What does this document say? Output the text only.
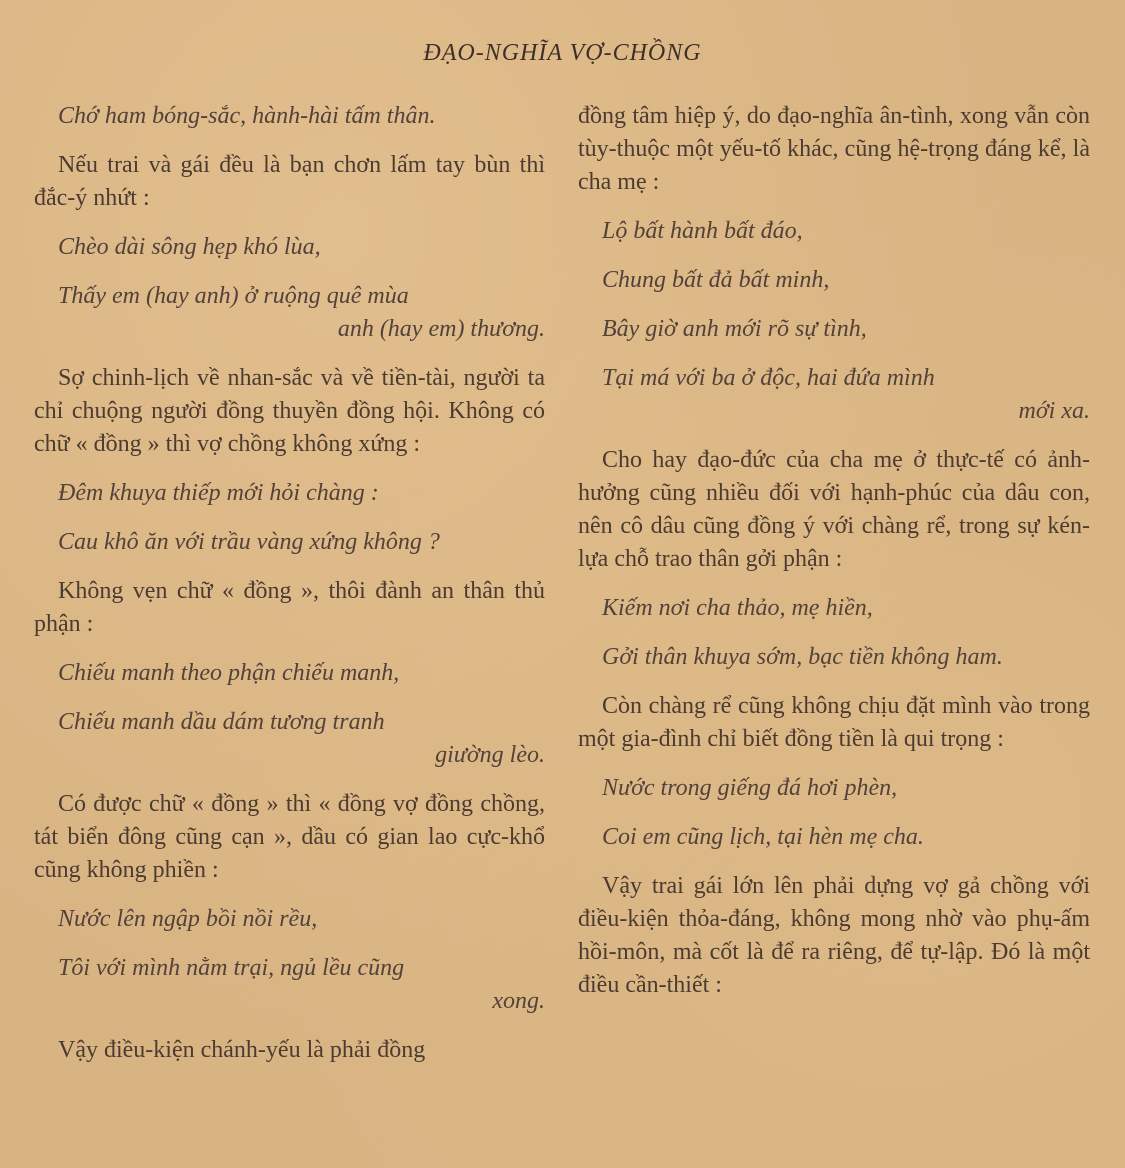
ĐẠO-NGHĨA VỢ-CHỒNG

Chớ ham bóng-sắc, hành-hài tấm thân.

Nếu trai và gái đều là bạn chơn lấm tay bùn thì đắc-ý nhứt :

Chèo dài sông hẹp khó lùa,

Thấy em (hay anh) ở ruộng quê mùa
anh (hay em) thương.

Sợ chinh-lịch về nhan-sắc và về tiền-tài, người ta chỉ chuộng người đồng thuyền đồng hội. Không có chữ « đồng » thì vợ chồng không xứng :

Đêm khuya thiếp mới hỏi chàng :

Cau khô ăn với trầu vàng xứng không ?

Không vẹn chữ « đồng », thôi đành an thân thủ phận :

Chiếu manh theo phận chiếu manh,

Chiếu manh dầu dám tương tranh
giường lèo.

Có được chữ « đồng » thì « đồng vợ đồng chồng, tát biển đông cũng cạn », dầu có gian lao cực-khổ cũng không phiền :

Nước lên ngập bồi nồi rều,

Tôi với mình nằm trại, ngủ lều cũng
xong.

Vậy điều-kiện chánh-yếu là phải đồng

đồng tâm hiệp ý, do đạo-nghĩa ân-tình, xong vẫn còn tùy-thuộc một yếu-tố khác, cũng hệ-trọng đáng kể, là cha mẹ :

Lộ bất hành bất đáo,

Chung bất đả bất minh,

Bây giờ anh mới rõ sự tình,

Tại má với ba ở độc, hai đứa mình
mới xa.

Cho hay đạo-đức của cha mẹ ở thực-tế có ảnh-hưởng cũng nhiều đối với hạnh-phúc của dâu con, nên cô dâu cũng đồng ý với chàng rể, trong sự kén-lựa chỗ trao thân gởi phận :

Kiếm nơi cha thảo, mẹ hiền,

Gởi thân khuya sớm, bạc tiền không ham.

Còn chàng rể cũng không chịu đặt mình vào trong một gia-đình chỉ biết đồng tiền là qui trọng :

Nước trong giếng đá hơi phèn,

Coi em cũng lịch, tại hèn mẹ cha.

Vậy trai gái lớn lên phải dựng vợ gả chồng với điều-kiện thỏa-đáng, không mong nhờ vào phụ-ấm hồi-môn, mà cốt là để ra riêng, để tự-lập. Đó là một điều cần-thiết :
